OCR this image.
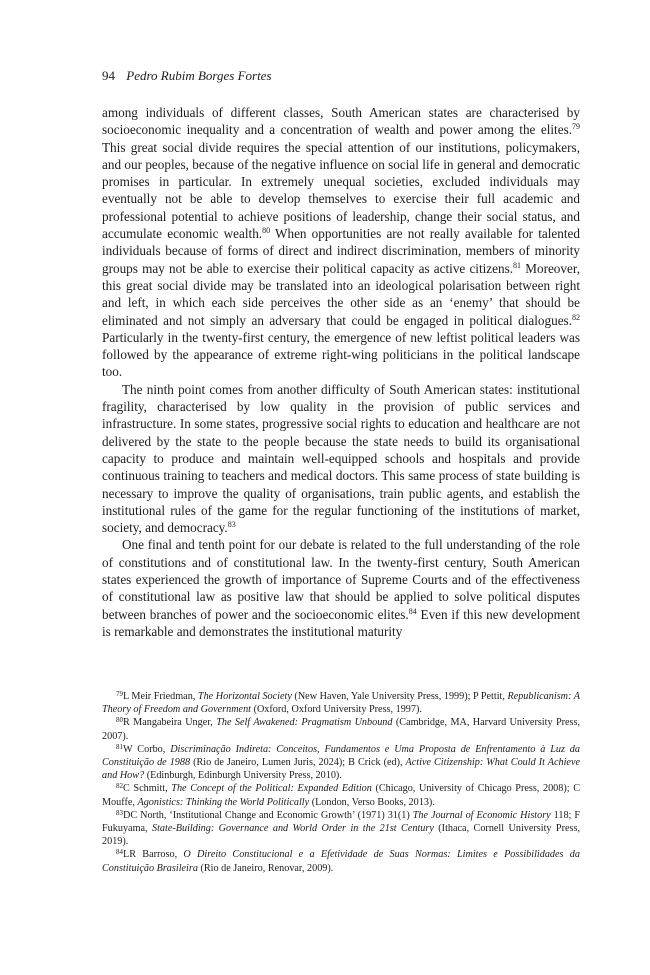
94 Pedro Rubim Borges Fortes

among individuals of different classes, South American states are characterised by socioeconomic inequality and a concentration of wealth and power among the elites.$^{79}$ This great social divide requires the special attention of our institutions, policymakers, and our peoples, because of the negative influence on social life in general and democratic promises in particular. In extremely unequal societies, excluded individuals may eventually not be able to develop themselves to exercise their full academic and professional potential to achieve positions of leadership, change their social status, and accumulate economic wealth.$^{80}$ When opportunities are not really available for talented individuals because of forms of direct and indirect discrimination, members of minority groups may not be able to exercise their political capacity as active citizens.$^{81}$ Moreover, this great social divide may be translated into an ideological polarisation between right and left, in which each side perceives the other side as an ‘enemy’ that should be eliminated and not simply an adversary that could be engaged in political dialogues.$^{82}$ Particularly in the twenty-first century, the emergence of new leftist political leaders was followed by the appearance of extreme right-wing politicians in the political landscape too.

The ninth point comes from another difficulty of South American states: institutional fragility, characterised by low quality in the provision of public services and infrastructure. In some states, progressive social rights to education and healthcare are not delivered by the state to the people because the state needs to build its organisational capacity to produce and maintain well-equipped schools and hospitals and provide continuous training to teachers and medical doctors. This same process of state building is necessary to improve the quality of organisations, train public agents, and establish the institutional rules of the game for the regular functioning of the institutions of market, society, and democracy.$^{83}$

One final and tenth point for our debate is related to the full understanding of the role of constitutions and of constitutional law. In the twenty-first century, South American states experienced the growth of importance of Supreme Courts and of the effectiveness of constitutional law as positive law that should be applied to solve political disputes between branches of power and the socioeconomic elites.$^{84}$ Even if this new development is remarkable and demonstrates the institutional maturity

$^{79}$L Meir Friedman, The Horizontal Society (New Haven, Yale University Press, 1999); P Pettit, Republicanism: A Theory of Freedom and Government (Oxford, Oxford University Press, 1997).

$^{80}$R Mangabeira Unger, The Self Awakened: Pragmatism Unbound (Cambridge, MA, Harvard University Press, 2007).

$^{81}$W Corbo, Discriminação Indireta: Conceitos, Fundamentos e Uma Proposta de Enfrentamento à Luz da Constituição de 1988 (Rio de Janeiro, Lumen Juris, 2024); B Crick (ed), Active Citizenship: What Could It Achieve and How? (Edinburgh, Edinburgh University Press, 2010).

$^{82}$C Schmitt, The Concept of the Political: Expanded Edition (Chicago, University of Chicago Press, 2008); C Mouffe, Agonistics: Thinking the World Politically (London, Verso Books, 2013).

$^{83}$DC North, ‘Institutional Change and Economic Growth’ (1971) 31(1) The Journal of Economic History 118; F Fukuyama, State-Building: Governance and World Order in the 21st Century (Ithaca, Cornell University Press, 2019).

$^{84}$LR Barroso, O Direito Constitucional e a Efetividade de Suas Normas: Limites e Possibilidades da Constituição Brasileira (Rio de Janeiro, Renovar, 2009).
